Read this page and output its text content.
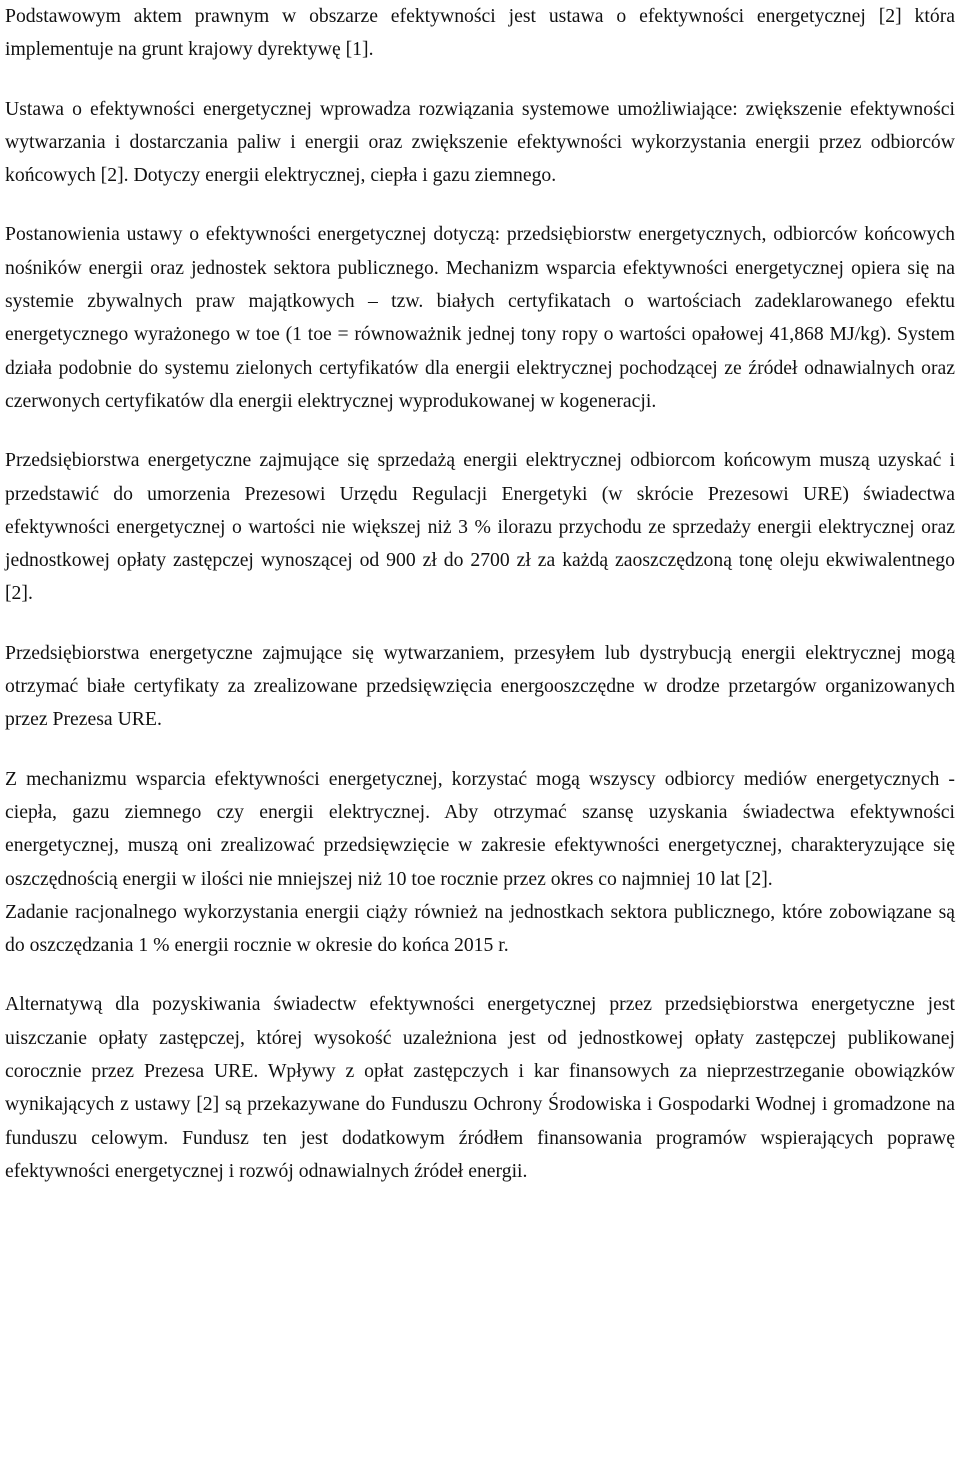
Podstawowym aktem prawnym w obszarze efektywności jest ustawa o efektywności energetycznej [2] która implementuje na grunt krajowy dyrektywę [1].

Ustawa o efektywności energetycznej wprowadza rozwiązania systemowe umożliwiające: zwiększenie efektywności wytwarzania i dostarczania paliw i energii oraz zwiększenie efektywności wykorzystania energii przez odbiorców końcowych [2]. Dotyczy energii elektrycznej, ciepła i gazu ziemnego.

Postanowienia ustawy o efektywności energetycznej dotyczą: przedsiębiorstw energetycznych, odbiorców końcowych nośników energii oraz jednostek sektora publicznego. Mechanizm wsparcia efektywności energetycznej opiera się na systemie zbywalnych praw majątkowych – tzw. białych certyfikatach o wartościach zadeklarowanego efektu energetycznego wyrażonego w toe (1 toe = równoważnik jednej tony ropy o wartości opałowej 41,868 MJ/kg). System działa podobnie do systemu zielonych certyfikatów dla energii elektrycznej pochodzącej ze źródeł odnawialnych oraz czerwonych certyfikatów dla energii elektrycznej wyprodukowanej w kogeneracji.

Przedsiębiorstwa energetyczne zajmujące się sprzedażą energii elektrycznej odbiorcom końcowym muszą uzyskać i przedstawić do umorzenia Prezesowi Urzędu Regulacji Energetyki (w skrócie Prezesowi URE) świadectwa efektywności energetycznej o wartości nie większej niż 3 % ilorazu przychodu ze sprzedaży energii elektrycznej oraz jednostkowej opłaty zastępczej wynoszącej od 900 zł do 2700 zł za każdą zaoszczędzoną tonę oleju ekwiwalentnego [2].

Przedsiębiorstwa energetyczne zajmujące się wytwarzaniem, przesyłem lub dystrybucją energii elektrycznej mogą otrzymać białe certyfikaty za zrealizowane przedsięwzięcia energooszczędne w drodze przetargów organizowanych przez Prezesa URE.

Z mechanizmu wsparcia efektywności energetycznej, korzystać mogą wszyscy odbiorcy mediów energetycznych - ciepła, gazu ziemnego czy energii elektrycznej. Aby otrzymać szansę uzyskania świadectwa efektywności energetycznej, muszą oni zrealizować przedsięwzięcie w zakresie efektywności energetycznej, charakteryzujące się oszczędnością energii w ilości nie mniejszej niż 10 toe rocznie przez okres co najmniej 10 lat [2].

Zadanie racjonalnego wykorzystania energii ciąży również na jednostkach sektora publicznego, które zobowiązane są do oszczędzania 1 % energii rocznie w okresie do końca 2015 r.

Alternatywą dla pozyskiwania świadectw efektywności energetycznej przez przedsiębiorstwa energetyczne jest uiszczanie opłaty zastępczej, której wysokość uzależniona jest od jednostkowej opłaty zastępczej publikowanej corocznie przez Prezesa URE. Wpływy z opłat zastępczych i kar finansowych za nieprzestrzeganie obowiązków wynikających z ustawy [2] są przekazywane do Funduszu Ochrony Środowiska i Gospodarki Wodnej i gromadzone na funduszu celowym. Fundusz ten jest dodatkowym źródłem finansowania programów wspierających poprawę efektywności energetycznej i rozwój odnawialnych źródeł energii.
